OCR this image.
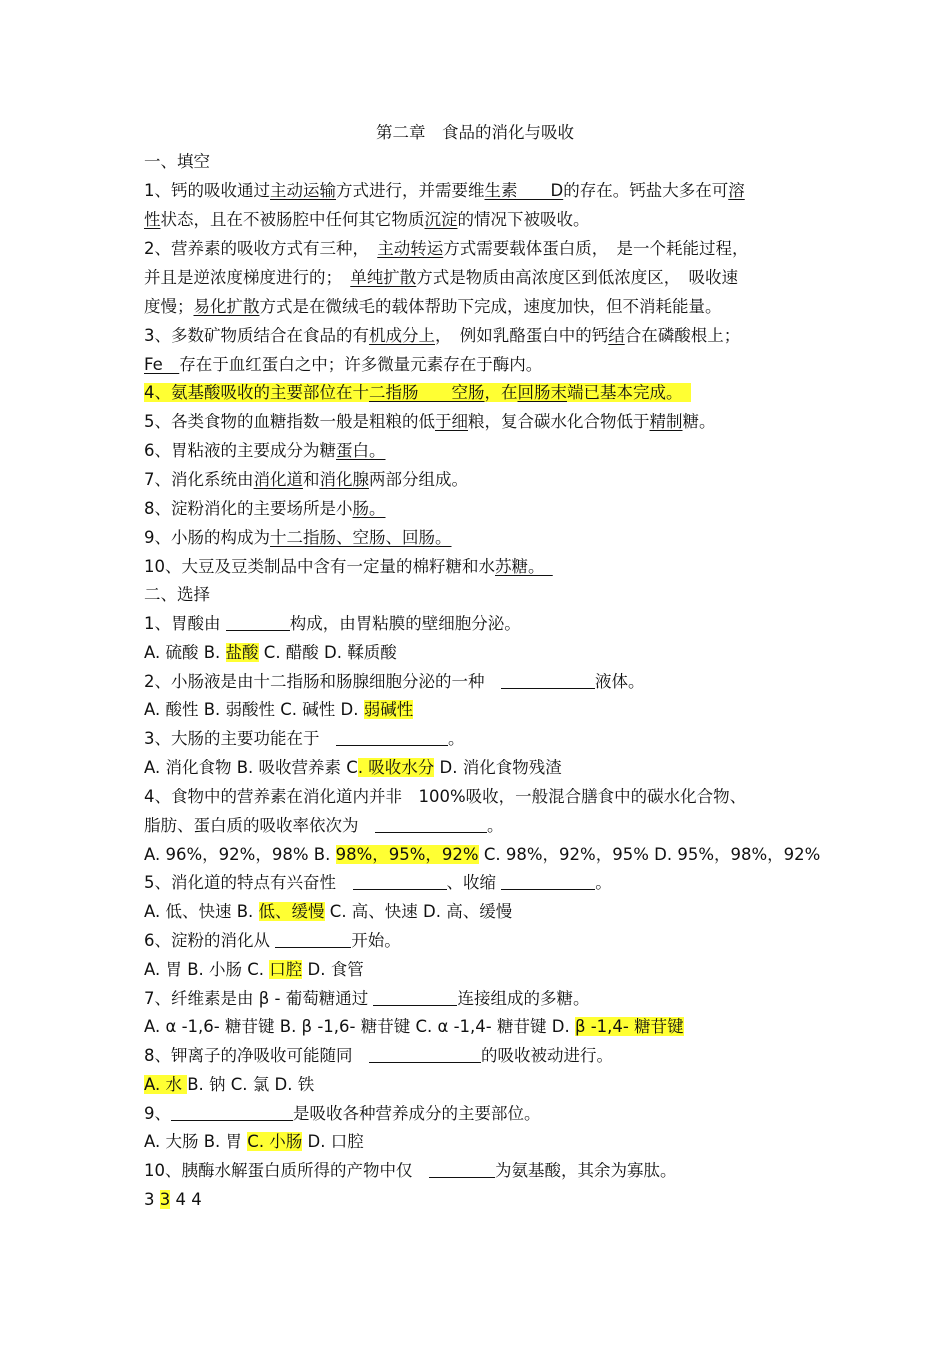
第二章　食品的消化与吸收
一、填空
1、钙的吸收通过主动运输方式进行，并需要维生素　　D的存在。钙盐大多在可溶
性状态，且在不被肠腔中任何其它物质沉淀的情况下被吸收。
2、营养素的吸收方式有三种，　主动转运方式需要载体蛋白质，　是一个耗能过程，
并且是逆浓度梯度进行的；　单纯扩散方式是物质由高浓度区到低浓度区，　吸收速
度慢；易化扩散方式是在微绒毛的载体帮助下完成，速度加快，但不消耗能量。
3、多数矿物质结合在食品的有机成分上，　例如乳酪蛋白中的钙结合在磷酸根上；
Fe　存在于血红蛋白之中；许多微量元素存在于酶内。
4、氨基酸吸收的主要部位在十二指肠　　空肠，在回肠末端已基本完成。　
5、各类食物的血糖指数一般是粗粮的低于细粮，复合碳水化合物低于精制糖。
6、胃粘液的主要成分为糖蛋白。
7、消化系统由消化道和消化腺两部分组成。
8、淀粉消化的主要场所是小肠。
9、小肠的构成为十二指肠、空肠、回肠。
10、大豆及豆类制品中含有一定量的棉籽糖和水苏糖。　
二、选择
1、胃酸由	构成，由胃粘膜的壁细胞分泌。
A. 硫酸 B. 盐酸 C. 醋酸 D. 鞣质酸
2、小肠液是由十二指肠和肠腺细胞分泌的一种　	液体。
A. 酸性 B. 弱酸性 C. 碱性 D. 弱碱性
3、大肠的主要功能在于　	。
A. 消化食物 B. 吸收营养素 C. 吸收水分 D. 消化食物残渣
4、食物中的营养素在消化道内并非　100%吸收，一般混合膳食中的碳水化合物、
脂肪、蛋白质的吸收率依次为　	。
A. 96%，92%，98% B. 98%，95%，92% C. 98%，92%，95% D. 95%，98%，92%
5、消化道的特点有兴奋性　	、收缩	。
A. 低、快速 B. 低、缓慢 C. 高、快速 D. 高、缓慢
6、淀粉的消化从	开始。
A. 胃 B. 小肠 C. 口腔 D. 食管
7、纤维素是由 β - 葡萄糖通过	连接组成的多糖。
A. α -1,6- 糖苷键 B. β -1,6- 糖苷键 C. α -1,4- 糖苷键 D. β -1,4- 糖苷键
8、钾离子的净吸收可能随同　	的吸收被动进行。
A. 水 B. 钠 C. 氯 D. 铁
9、	是吸收各种营养成分的主要部位。
A. 大肠 B. 胃 C. 小肠 D. 口腔
10、胰酶水解蛋白质所得的产物中仅　	为氨基酸，其余为寡肽。
3 3 4 4
